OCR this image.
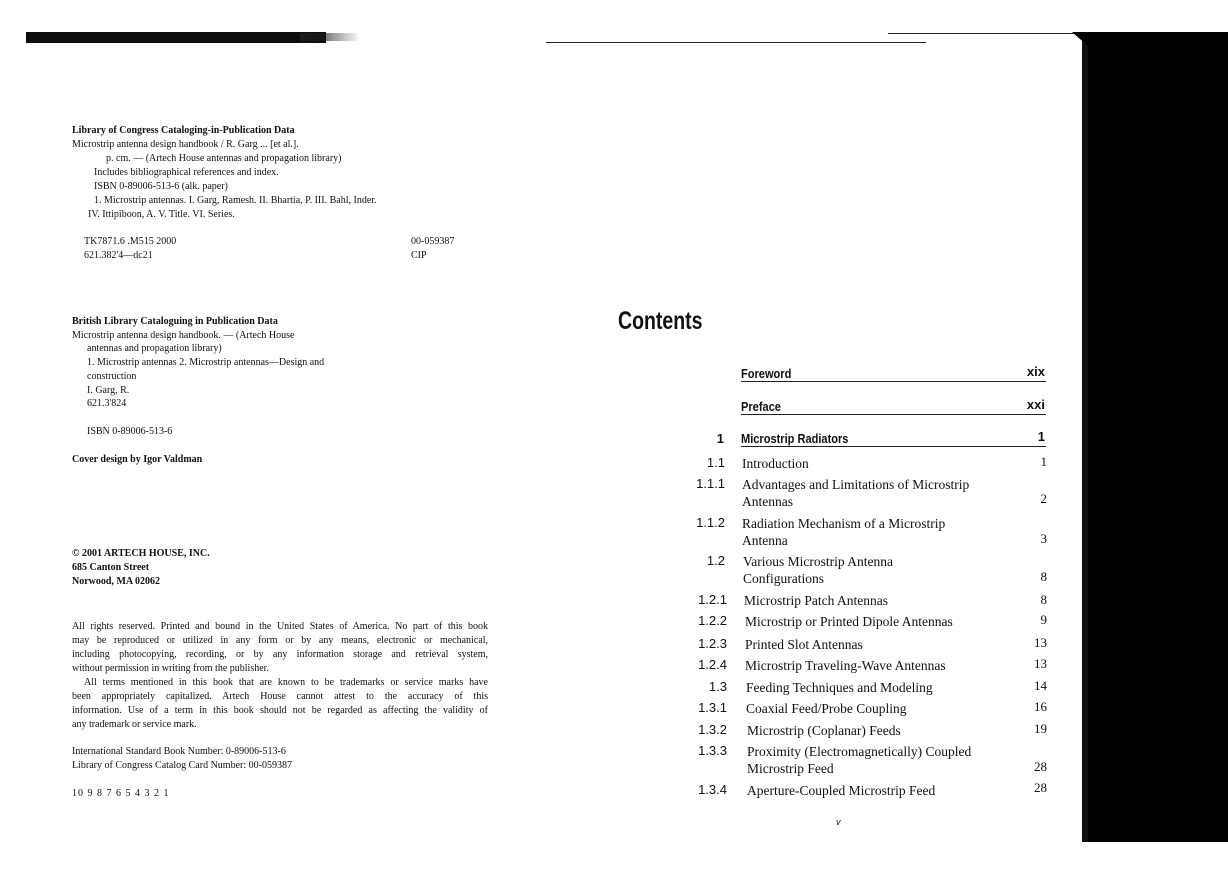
Library of Congress Cataloging-in-Publication Data
Microstrip antenna design handbook / R. Garg ... [et al.].
p. cm. — (Artech House antennas and propagation library)
Includes bibliographical references and index.
ISBN 0-89006-513-6 (alk. paper)
1. Microstrip antennas. I. Garg, Ramesh. II. Bhartia, P. III. Bahl, Inder.
IV. Ittipiboon, A. V. Title. VI. Series.
TK7871.6 .M515 2000
621.382'4—dc21
00-059387
CIP
British Library Cataloguing in Publication Data
Microstrip antenna design handbook. — (Artech House
antennas and propagation library)
1. Microstrip antennas 2. Microstrip antennas—Design and
construction
I. Garg, R.
621.3'824
ISBN 0-89006-513-6
Cover design by Igor Valdman
© 2001 ARTECH HOUSE, INC.
685 Canton Street
Norwood, MA 02062
All rights reserved. Printed and bound in the United States of America. No part of this book
may be reproduced or utilized in any form or by any means, electronic or mechanical,
including photocopying, recording, or by any information storage and retrieval system,
without permission in writing from the publisher.
All terms mentioned in this book that are known to be trademarks or service marks have
been appropriately capitalized. Artech House cannot attest to the accuracy of this
information. Use of a term in this book should not be regarded as affecting the validity of
any trademark or service mark.
International Standard Book Number: 0-89006-513-6
Library of Congress Catalog Card Number: 00-059387
10 9 8 7 6 5 4 3 2 1
Contents
Foreword	xix
Preface	xxi
1 Microstrip Radiators	1
1.1 Introduction	1
1.1.1 Advantages and Limitations of Microstrip
Antennas	2
1.1.2 Radiation Mechanism of a Microstrip
Antenna	3
1.2 Various Microstrip Antenna
Configurations	8
1.2.1 Microstrip Patch Antennas	8
1.2.2 Microstrip or Printed Dipole Antennas	9
1.2.3 Printed Slot Antennas	13
1.2.4 Microstrip Traveling-Wave Antennas	13
1.3 Feeding Techniques and Modeling	14
1.3.1 Coaxial Feed/Probe Coupling	16
1.3.2 Microstrip (Coplanar) Feeds	19
1.3.3 Proximity (Electromagnetically) Coupled
Microstrip Feed	28
1.3.4 Aperture-Coupled Microstrip Feed	28
v
